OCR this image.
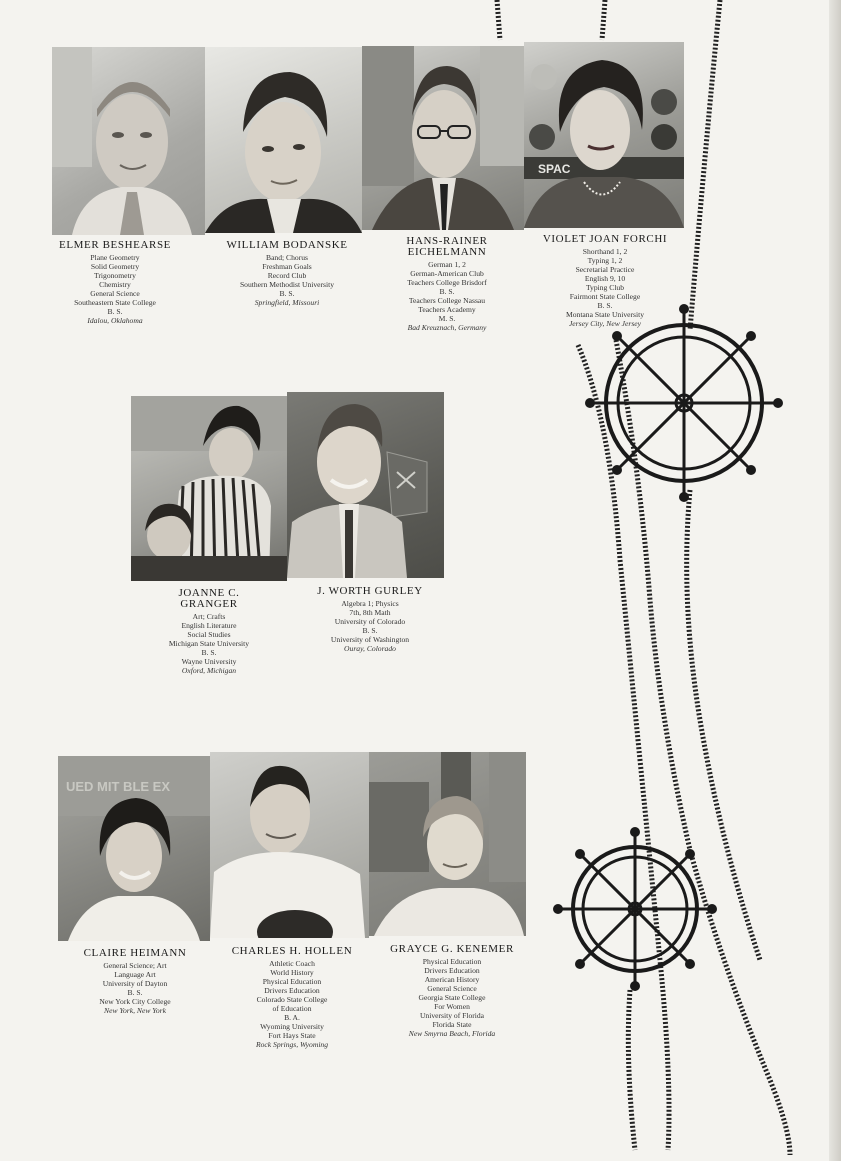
SPAC
ELMER BESHEARSE
Plane Geometry
Solid Geometry
Trigonometry
Chemistry
General Science
Southeastern State College
B. S.
Idalou, Oklahoma
WILLIAM BODANSKE
Band; Chorus
Freshman Goals
Record Club
Southern Methodist University
B. S.
Springfield, Missouri
HANS-RAINER EICHELMANN
German 1, 2
German-American Club
Teachers College Brisdorf
B. S.
Teachers College Nassau
Teachers Academy
M. S.
Bad Kreuznach, Germany
VIOLET JOAN FORCHI
Shorthand 1, 2
Typing 1, 2
Secretarial Practice
English 9, 10
Typing Club
Fairmont State College
B. S.
Montana State University
Jersey City, New Jersey
JOANNE C. GRANGER
Art; Crafts
English Literature
Social Studies
Michigan State University
B. S.
Wayne University
Oxford, Michigan
J. WORTH GURLEY
Algebra 1; Physics
7th, 8th Math
University of Colorado
B. S.
University of Washington
Ouray, Colorado
UED MIT BLE EX
CLAIRE HEIMANN
General Science; Art
Language Art
University of Dayton
B. S.
New York City College
New York, New York
CHARLES H. HOLLEN
Athletic Coach
World History
Physical Education
Drivers Education
Colorado State College
of Education
B. A.
Wyoming University
Fort Hays State
Rock Springs, Wyoming
GRAYCE G. KENEMER
Physical Education
Drivers Education
American History
General Science
Georgia State College
For Women
University of Florida
Florida State
New Smyrna Beach, Florida
